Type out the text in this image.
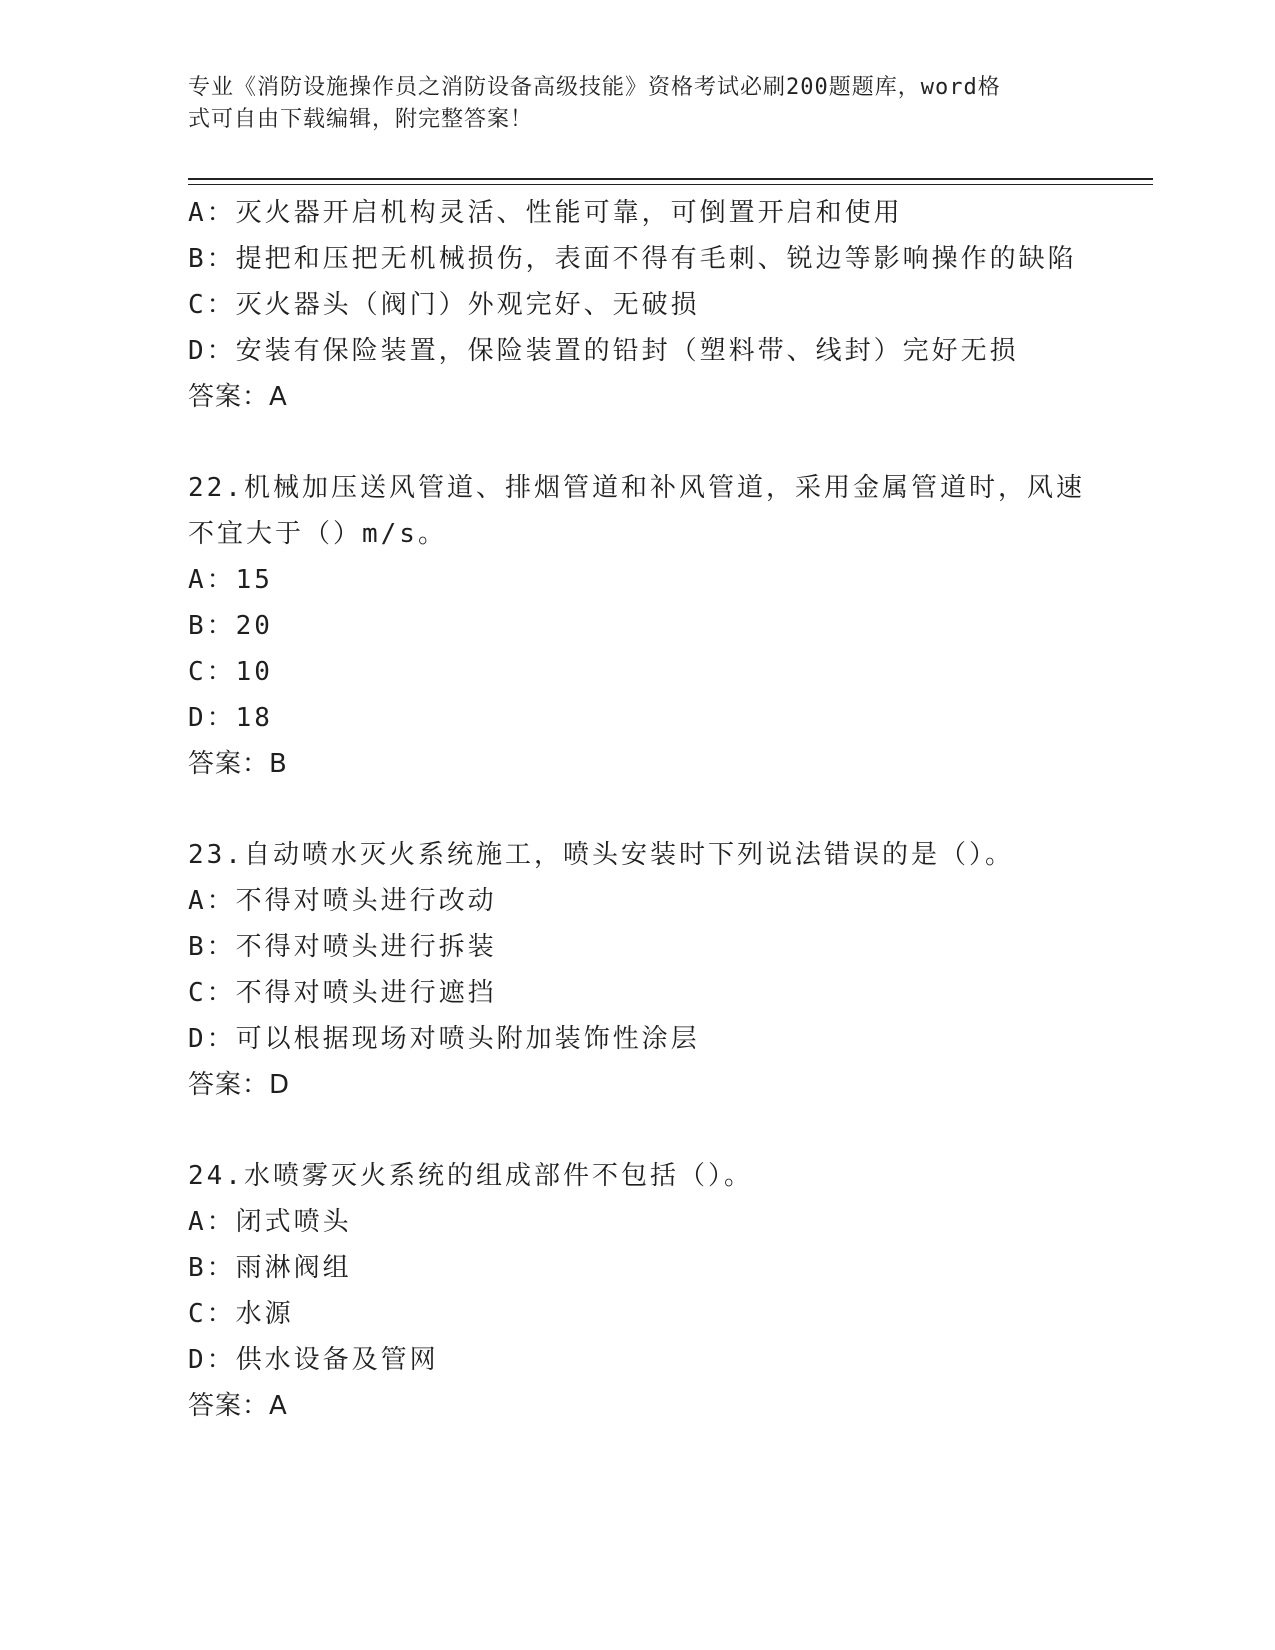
专业《消防设施操作员之消防设备高级技能》资格考试必刷200题题库，word格
式可自由下载编辑，附完整答案！
A：灭火器开启机构灵活、性能可靠，可倒置开启和使用
B：提把和压把无机械损伤，表面不得有毛刺、锐边等影响操作的缺陷
C：灭火器头（阀门）外观完好、无破损
D：安装有保险装置，保险装置的铅封（塑料带、线封）完好无损
答案：A
22.机械加压送风管道、排烟管道和补风管道，采用金属管道时，风速
不宜大于（）m/s。
A：15
B：20
C：10
D：18
答案：B
23.自动喷水灭火系统施工，喷头安装时下列说法错误的是（）。
A：不得对喷头进行改动
B：不得对喷头进行拆装
C：不得对喷头进行遮挡
D：可以根据现场对喷头附加装饰性涂层
答案：D
24.水喷雾灭火系统的组成部件不包括（）。
A：闭式喷头
B：雨淋阀组
C：水源
D：供水设备及管网
答案：A
